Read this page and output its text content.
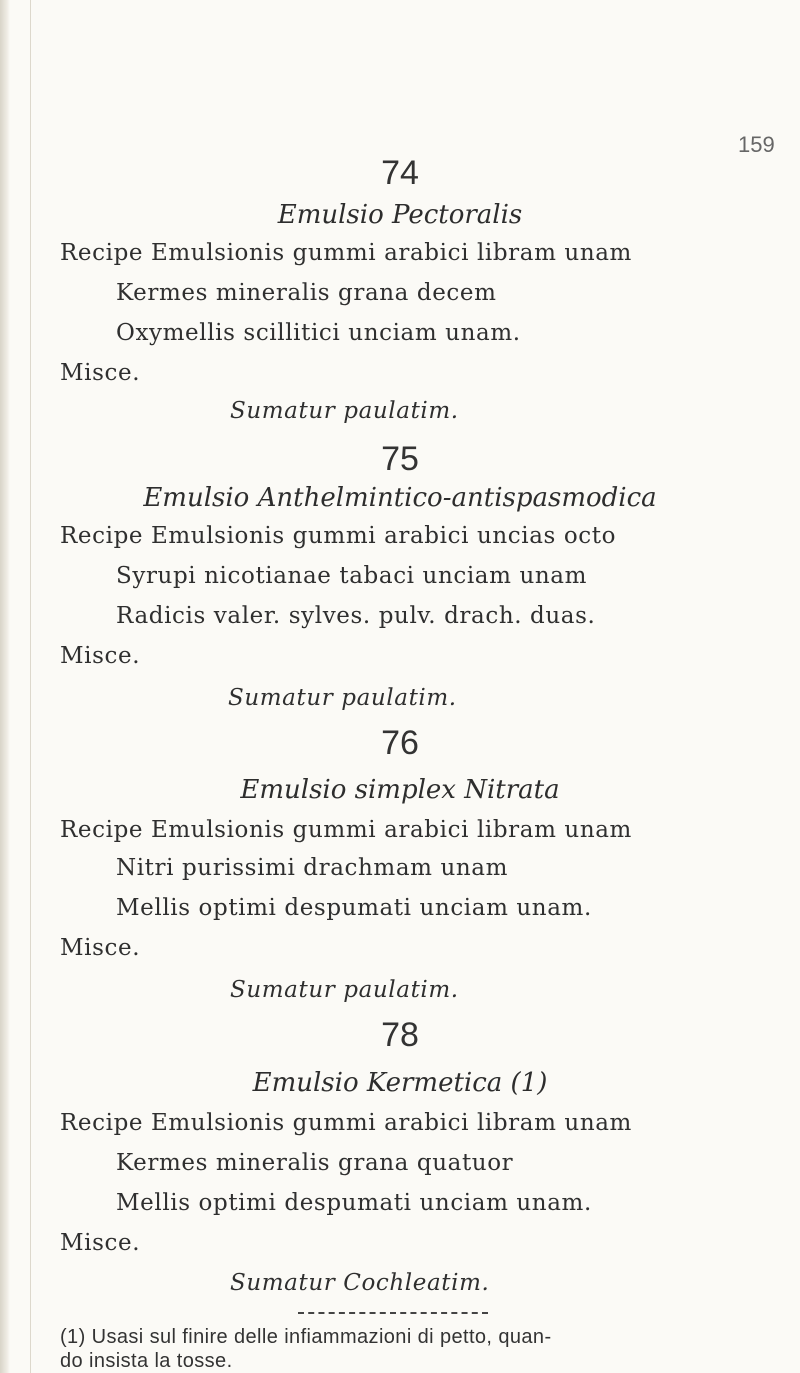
159
74
Emulsio Pectoralis
Recipe Emulsionis gummi arabici libram unam
Kermes mineralis grana decem
Oxymellis scillitici unciam unam.
Misce.
Sumatur paulatim.
75
Emulsio Anthelmintico-antispasmodica
Recipe Emulsionis gummi arabici uncias octo
Syrupi nicotianae tabaci unciam unam
Radicis valer. sylves. pulv. drach. duas.
Misce.
Sumatur paulatim.
76
Emulsio simplex Nitrata
Recipe Emulsionis gummi arabici libram unam
Nitri purissimi drachmam unam
Mellis optimi despumati unciam unam.
Misce.
Sumatur paulatim.
78
Emulsio Kermetica (1)
Recipe Emulsionis gummi arabici libram unam
Kermes mineralis grana quatuor
Mellis optimi despumati unciam unam.
Misce.
Sumatur Cochleatim.
(1) Usasi sul finire delle infiammazioni di petto, quan-
do insista la tosse.
